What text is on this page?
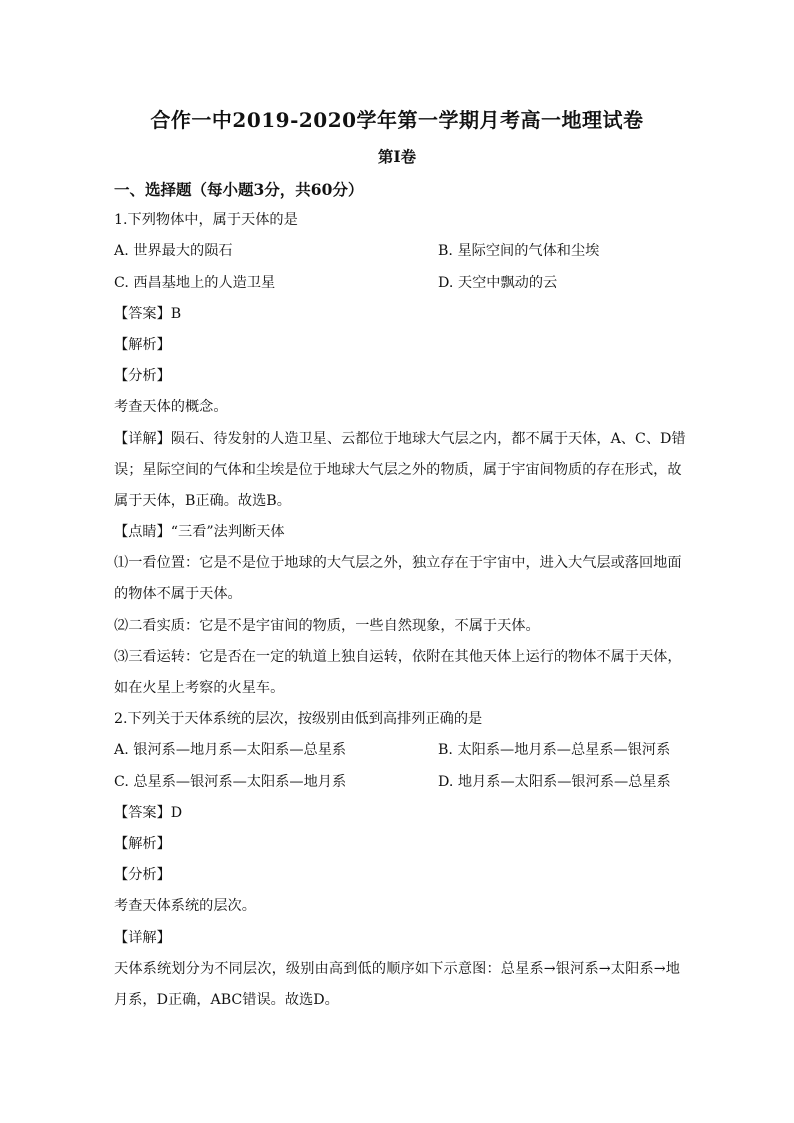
合作一中2019-2020学年第一学期月考高一地理试卷
第I卷
一、选择题（每小题3分，共60分）
1.下列物体中，属于天体的是
A. 世界最大的陨石	B. 星际空间的气体和尘埃
C. 西昌基地上的人造卫星	D. 天空中飘动的云
【答案】B
【解析】
【分析】
考查天体的概念。
【详解】陨石、待发射的人造卫星、云都位于地球大气层之内，都不属于天体，A、C、D错
误；星际空间的气体和尘埃是位于地球大气层之外的物质，属于宇宙间物质的存在形式，故
属于天体，B正确。故选B。
【点睛】“三看”法判断天体
⑴一看位置：它是不是位于地球的大气层之外，独立存在于宇宙中，进入大气层或落回地面
的物体不属于天体。
⑵二看实质：它是不是宇宙间的物质，一些自然现象，不属于天体。
⑶三看运转：它是否在一定的轨道上独自运转，依附在其他天体上运行的物体不属于天体，
如在火星上考察的火星车。
2.下列关于天体系统的层次，按级别由低到高排列正确的是
A. 银河系—地月系—太阳系—总星系	B. 太阳系—地月系—总星系—银河系
C. 总星系—银河系—太阳系—地月系	D. 地月系—太阳系—银河系—总星系
【答案】D
【解析】
【分析】
考查天体系统的层次。
【详解】
天体系统划分为不同层次，级别由高到低的顺序如下示意图：总星系→银河系→太阳系→地
月系，D正确，ABC错误。故选D。
